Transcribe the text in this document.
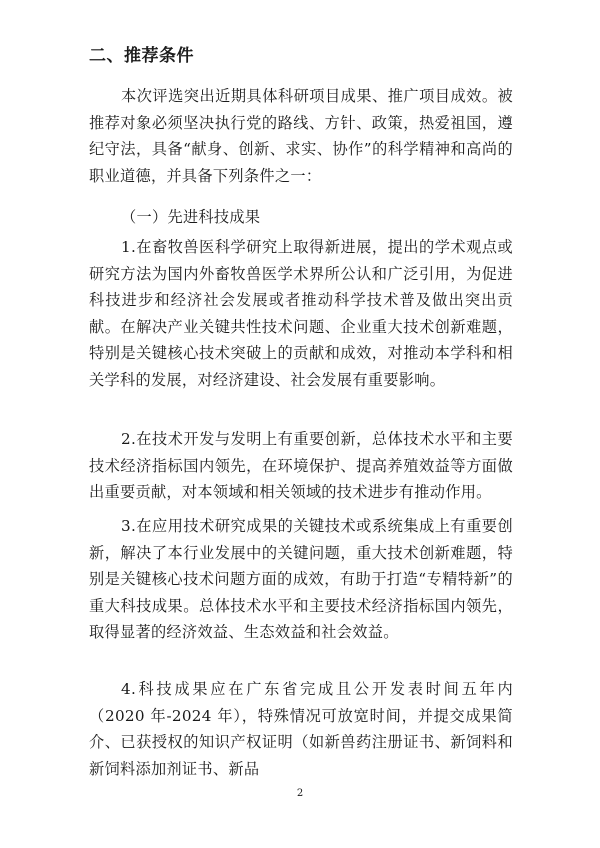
二、推荐条件

本次评选突出近期具体科研项目成果、推广项目成效。被推荐对象必须坚决执行党的路线、方针、政策，热爱祖国，遵纪守法，具备“献身、创新、求实、协作”的科学精神和高尚的职业道德，并具备下列条件之一：

（一）先进科技成果

1.在畜牧兽医科学研究上取得新进展，提出的学术观点或研究方法为国内外畜牧兽医学术界所公认和广泛引用，为促进科技进步和经济社会发展或者推动科学技术普及做出突出贡献。在解决产业关键共性技术问题、企业重大技术创新难题，特别是关键核心技术突破上的贡献和成效，对推动本学科和相关学科的发展，对经济建设、社会发展有重要影响。

2.在技术开发与发明上有重要创新，总体技术水平和主要技术经济指标国内领先，在环境保护、提高养殖效益等方面做出重要贡献，对本领域和相关领域的技术进步有推动作用。

3.在应用技术研究成果的关键技术或系统集成上有重要创新，解决了本行业发展中的关键问题，重大技术创新难题，特别是关键核心技术问题方面的成效，有助于打造“专精特新”的重大科技成果。总体技术水平和主要技术经济指标国内领先，取得显著的经济效益、生态效益和社会效益。

4.科技成果应在广东省完成且公开发表时间五年内（2020 年-2024 年），特殊情况可放宽时间，并提交成果简介、已获授权的知识产权证明（如新兽药注册证书、新饲料和新饲料添加剂证书、新品

2
